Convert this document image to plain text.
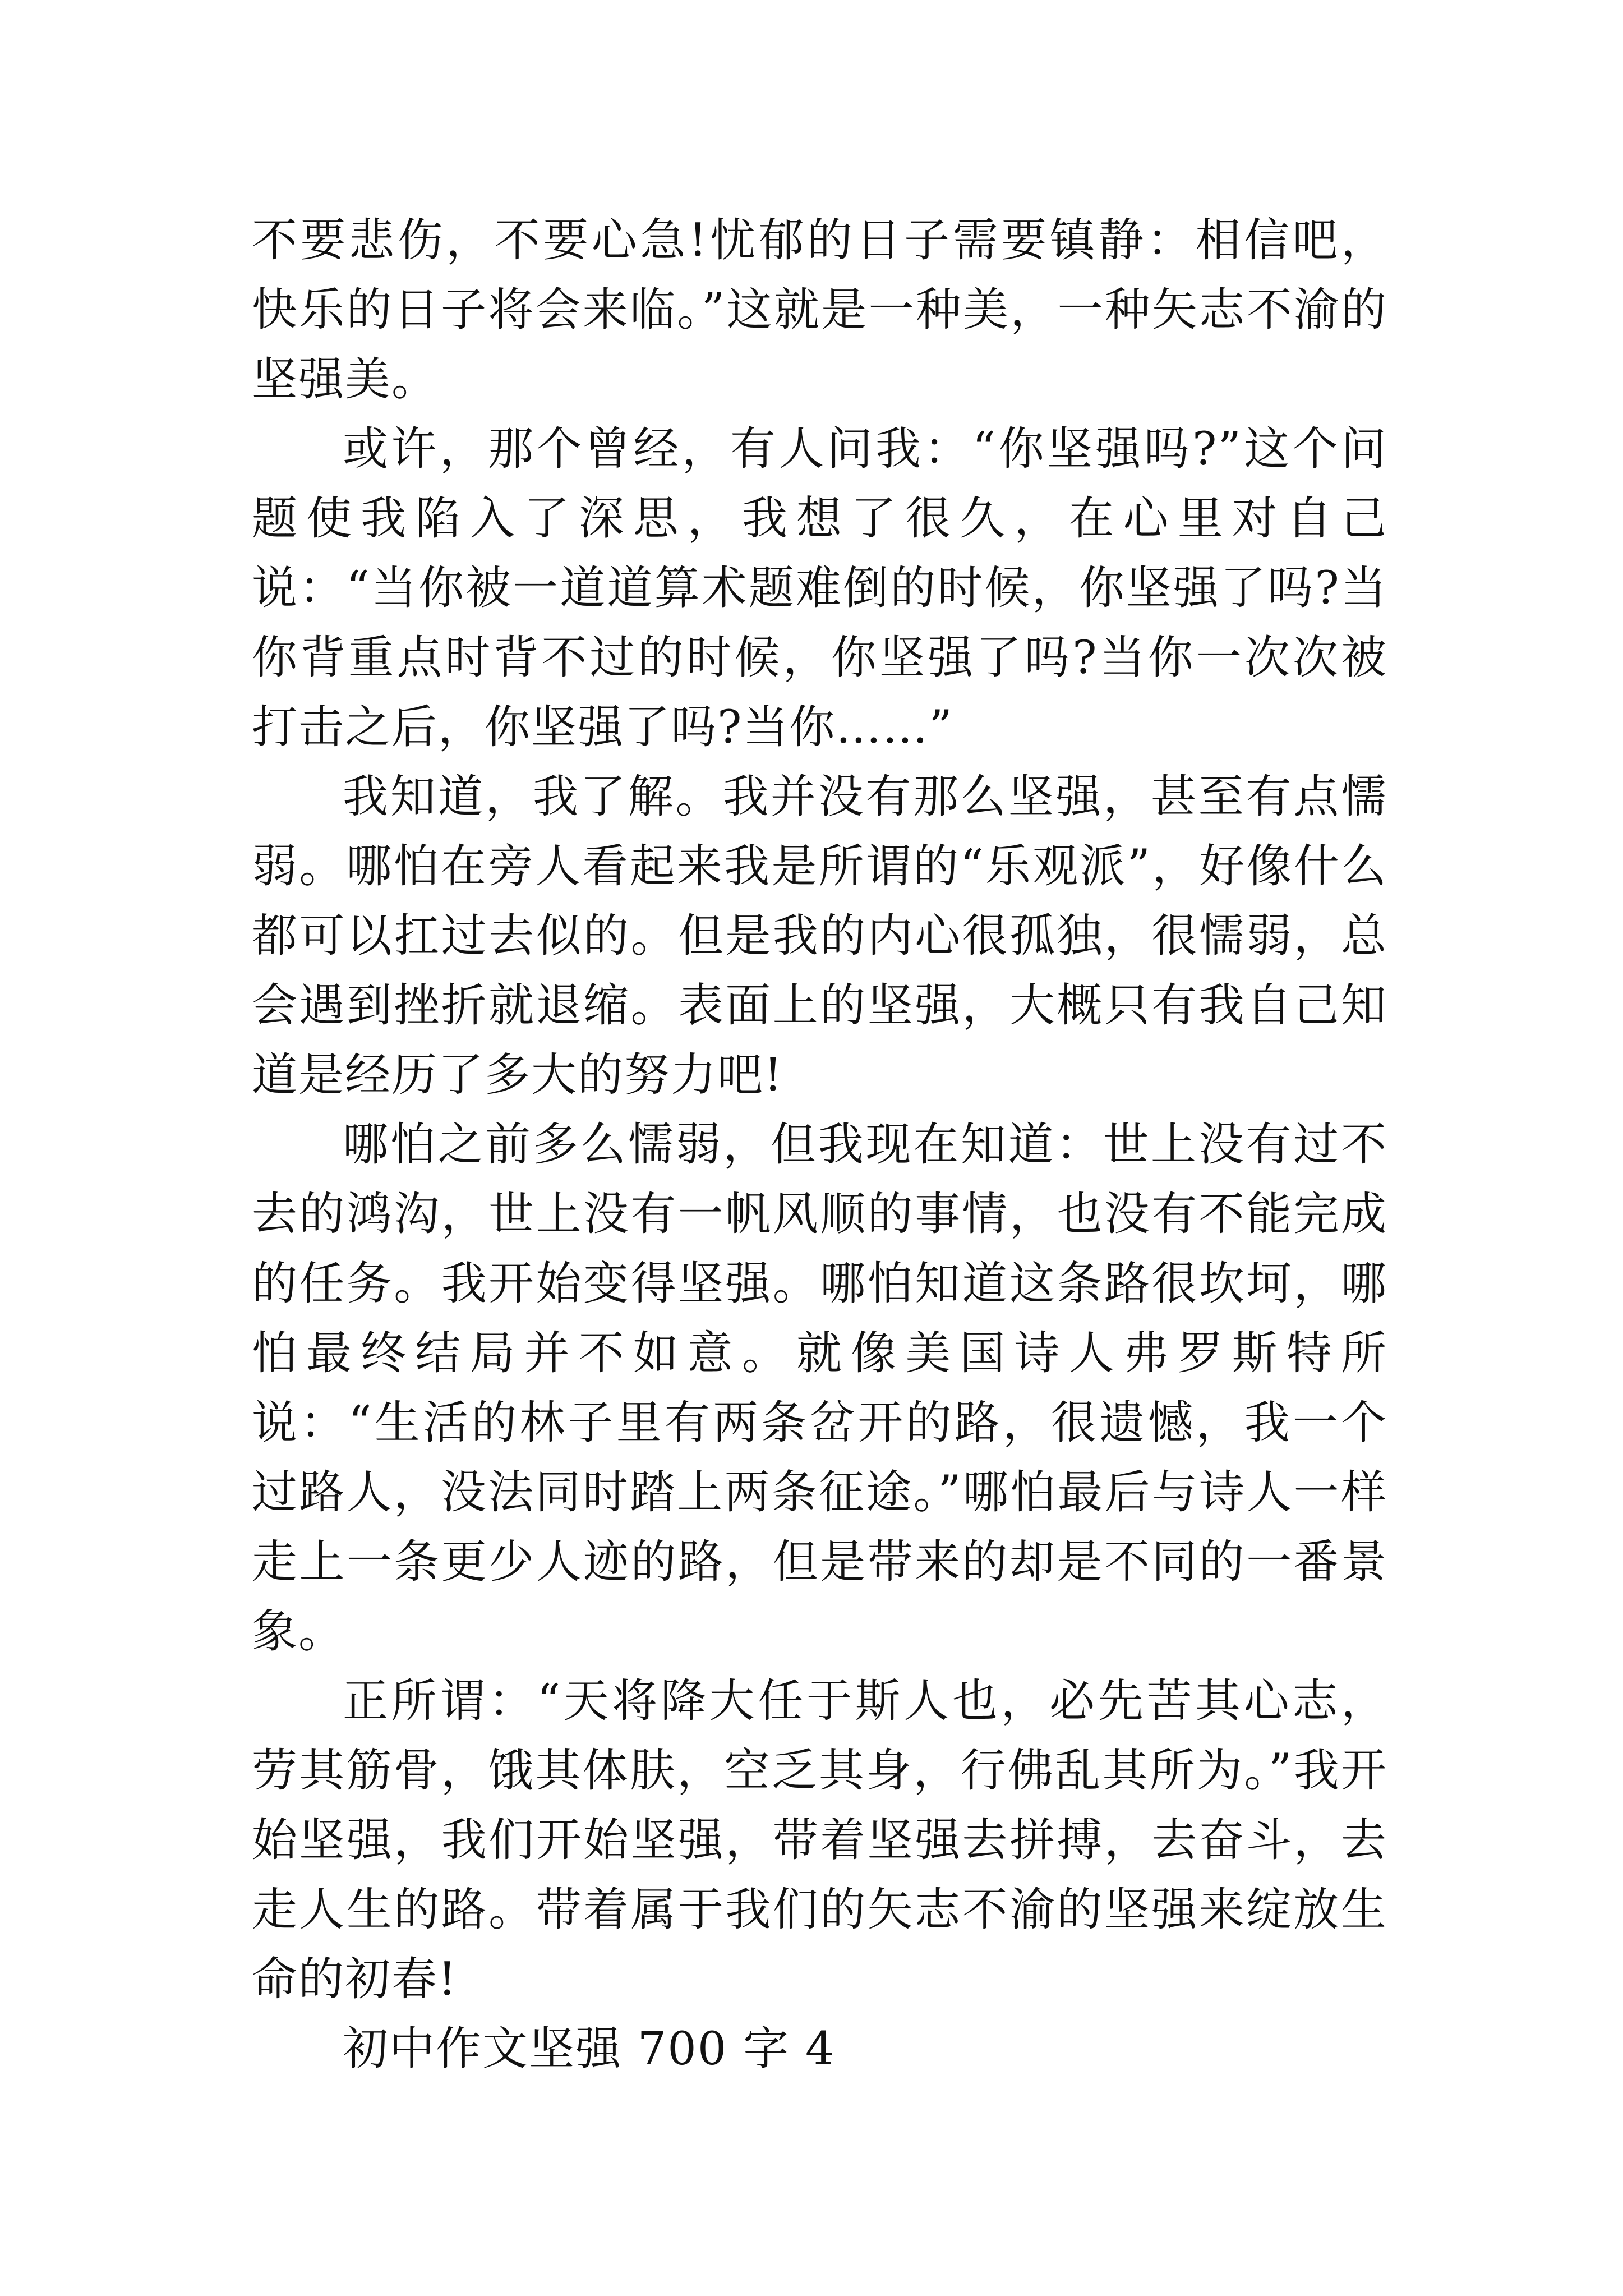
不要悲伤，不要心急!忧郁的日子需要镇静：相信吧，快乐的日子将会来临。”这就是一种美，一种矢志不渝的坚强美。

或许，那个曾经，有人问我：“你坚强吗?”这个问题使我陷入了深思，我想了很久，在心里对自己说：“当你被一道道算术题难倒的时候，你坚强了吗?当你背重点时背不过的时候，你坚强了吗?当你一次次被打击之后，你坚强了吗?当你……”

我知道，我了解。我并没有那么坚强，甚至有点懦弱。哪怕在旁人看起来我是所谓的“乐观派”，好像什么都可以扛过去似的。但是我的内心很孤独，很懦弱，总会遇到挫折就退缩。表面上的坚强，大概只有我自己知道是经历了多大的努力吧!

哪怕之前多么懦弱，但我现在知道：世上没有过不去的鸿沟，世上没有一帆风顺的事情，也没有不能完成的任务。我开始变得坚强。哪怕知道这条路很坎坷，哪怕最终结局并不如意。就像美国诗人弗罗斯特所说：“生活的林子里有两条岔开的路，很遗憾，我一个过路人，没法同时踏上两条征途。”哪怕最后与诗人一样走上一条更少人迹的路，但是带来的却是不同的一番景象。

正所谓：“天将降大任于斯人也，必先苦其心志，劳其筋骨，饿其体肤，空乏其身，行佛乱其所为。”我开始坚强，我们开始坚强，带着坚强去拼搏，去奋斗，去走人生的路。带着属于我们的矢志不渝的坚强来绽放生命的初春!

初中作文坚强 700 字 4
